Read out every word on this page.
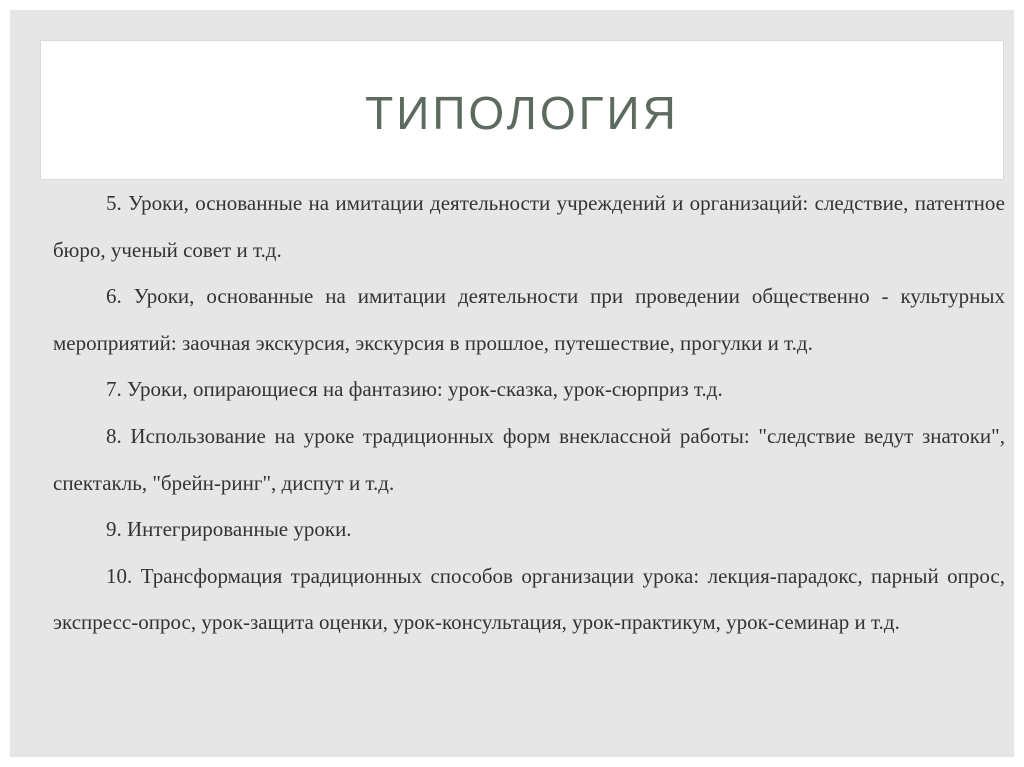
ТИПОЛОГИЯ

5. Уроки, основанные на имитации деятельности учреждений и организаций: следствие, патентное бюро, ученый совет и т.д.

6. Уроки, основанные на имитации деятельности при проведении общественно - культурных мероприятий: заочная экскурсия, экскурсия в прошлое, путешествие, прогулки и т.д.

7. Уроки, опирающиеся на фантазию: урок-сказка, урок-сюрприз т.д.

8. Использование на уроке традиционных форм внеклассной работы: "следствие ведут знатоки", спектакль, "брейн-ринг", диспут и т.д.

9. Интегрированные уроки.

10. Трансформация традиционных способов организации урока: лекция-парадокс, парный опрос, экспресс-опрос, урок-защита оценки, урок-консультация, урок-практикум, урок-семинар и т.д.
